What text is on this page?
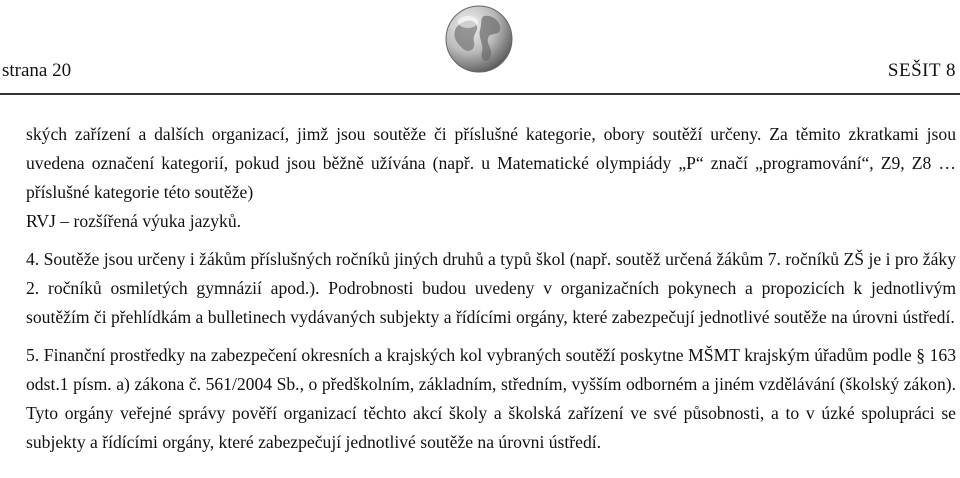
strana 20	SEŠIT 8

ských zařízení a dalších organizací, jimž jsou soutěže či příslušné kategorie, obory soutěží určeny. Za těmito zkratkami jsou uvedena označení kategorií, pokud jsou běžně užívána (např. u Matematické olympiády „P“ značí „programování“, Z9, Z8 … příslušné kategorie této soutěže)

RVJ – rozšířená výuka jazyků.

4. Soutěže jsou určeny i žákům příslušných ročníků jiných druhů a typů škol (např. soutěž určená žákům 7. ročníků ZŠ je i pro žáky 2. ročníků osmiletých gymnázií apod.). Podrobnosti budou uvedeny v organizačních pokynech a propozicích k jednotlivým soutěžím či přehlídkám a bulletinech vydávaných subjekty a řídícími orgány, které zabezpečují jednotlivé soutěže na úrovni ústředí.

5. Finanční prostředky na zabezpečení okresních a krajských kol vybraných soutěží poskytne MŠMT krajským úřadům podle § 163 odst.1 písm. a) zákona č. 561/2004 Sb., o předškolním, základním, středním, vyšším odborném a jiném vzdělávání (školský zákon). Tyto orgány veřejné správy pověří organizací těchto akcí školy a školská zařízení ve své působnosti, a to v úzké spolupráci se subjekty a řídícími orgány, které zabezpečují jednotlivé soutěže na úrovni ústředí.
